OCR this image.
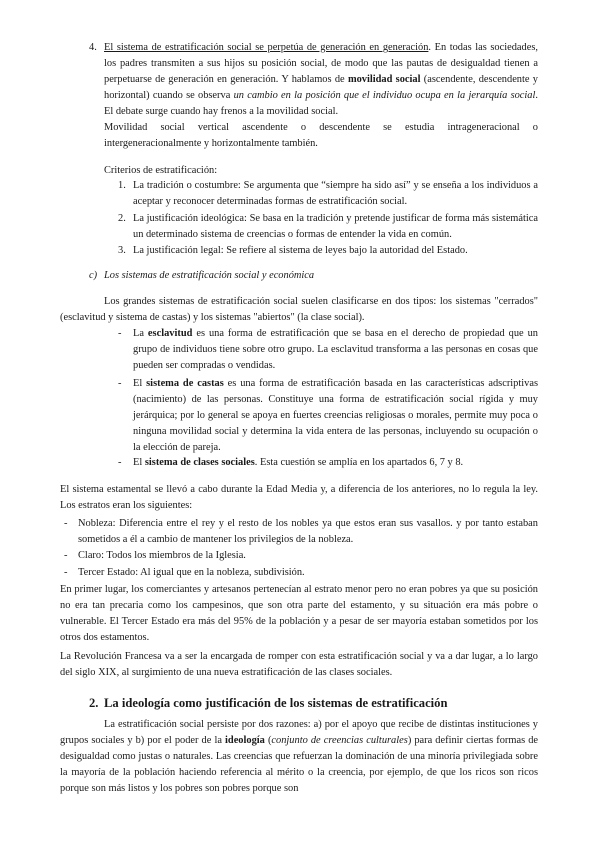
4. El sistema de estratificación social se perpetúa de generación en generación. En todas las sociedades, los padres transmiten a sus hijos su posición social, de modo que las pautas de desigualdad tienen a perpetuarse de generación en generación. Y hablamos de movilidad social (ascendente, descendente y horizontal) cuando se observa un cambio en la posición que el individuo ocupa en la jerarquía social. El debate surge cuando hay frenos a la movilidad social.

Movilidad social vertical ascendente o descendente se estudia intrageneracional o intergeneracionalmente y horizontalmente también.

Criterios de estratificación:

1. La tradición o costumbre: Se argumenta que “siempre ha sido así” y se enseña a los individuos a aceptar y reconocer determinadas formas de estratificación social.

2. La justificación ideológica: Se basa en la tradición y pretende justificar de forma más sistemática un determinado sistema de creencias o formas de entender la vida en común.

3. La justificación legal: Se refiere al sistema de leyes bajo la autoridad del Estado.

c) Los sistemas de estratificación social y económica

Los grandes sistemas de estratificación social suelen clasificarse en dos tipos: los sistemas "cerrados" (esclavitud y sistema de castas) y los sistemas "abiertos" (la clase social).

- La esclavitud es una forma de estratificación que se basa en el derecho de propiedad que un grupo de individuos tiene sobre otro grupo. La esclavitud transforma a las personas en cosas que pueden ser compradas o vendidas.

- El sistema de castas es una forma de estratificación basada en las características adscriptivas (nacimiento) de las personas. Constituye una forma de estratificación social rígida y muy jerárquica; por lo general se apoya en fuertes creencias religiosas o morales, permite muy poca o ninguna movilidad social y determina la vida entera de las personas, incluyendo su ocupación o la elección de pareja.

- El sistema de clases sociales. Esta cuestión se amplía en los apartados 6, 7 y 8.

El sistema estamental se llevó a cabo durante la Edad Media y, a diferencia de los anteriores, no lo regula la ley. Los estratos eran los siguientes:

- Nobleza: Diferencia entre el rey y el resto de los nobles ya que estos eran sus vasallos. y por tanto estaban sometidos a él a cambio de mantener los privilegios de la nobleza.

- Claro: Todos los miembros de la Iglesia.

- Tercer Estado: Al igual que en la nobleza, subdivisión.

En primer lugar, los comerciantes y artesanos pertenecían al estrato menor pero no eran pobres ya que su posición no era tan precaria como los campesinos, que son otra parte del estamento, y su situación era más pobre o vulnerable. El Tercer Estado era más del 95% de la población y a pesar de ser mayoría estaban sometidos por los otros dos estamentos.

La Revolución Francesa va a ser la encargada de romper con esta estratificación social y va a dar lugar, a lo largo del siglo XIX, al surgimiento de una nueva estratificación de las clases sociales.

2. La ideología como justificación de los sistemas de estratificación

La estratificación social persiste por dos razones: a) por el apoyo que recibe de distintas instituciones y grupos sociales y b) por el poder de la ideología (conjunto de creencias culturales) para definir ciertas formas de desigualdad como justas o naturales. Las creencias que refuerzan la dominación de una minoría privilegiada sobre la mayoría de la población haciendo referencia al mérito o la creencia, por ejemplo, de que los ricos son ricos porque son más listos y los pobres son pobres porque son
